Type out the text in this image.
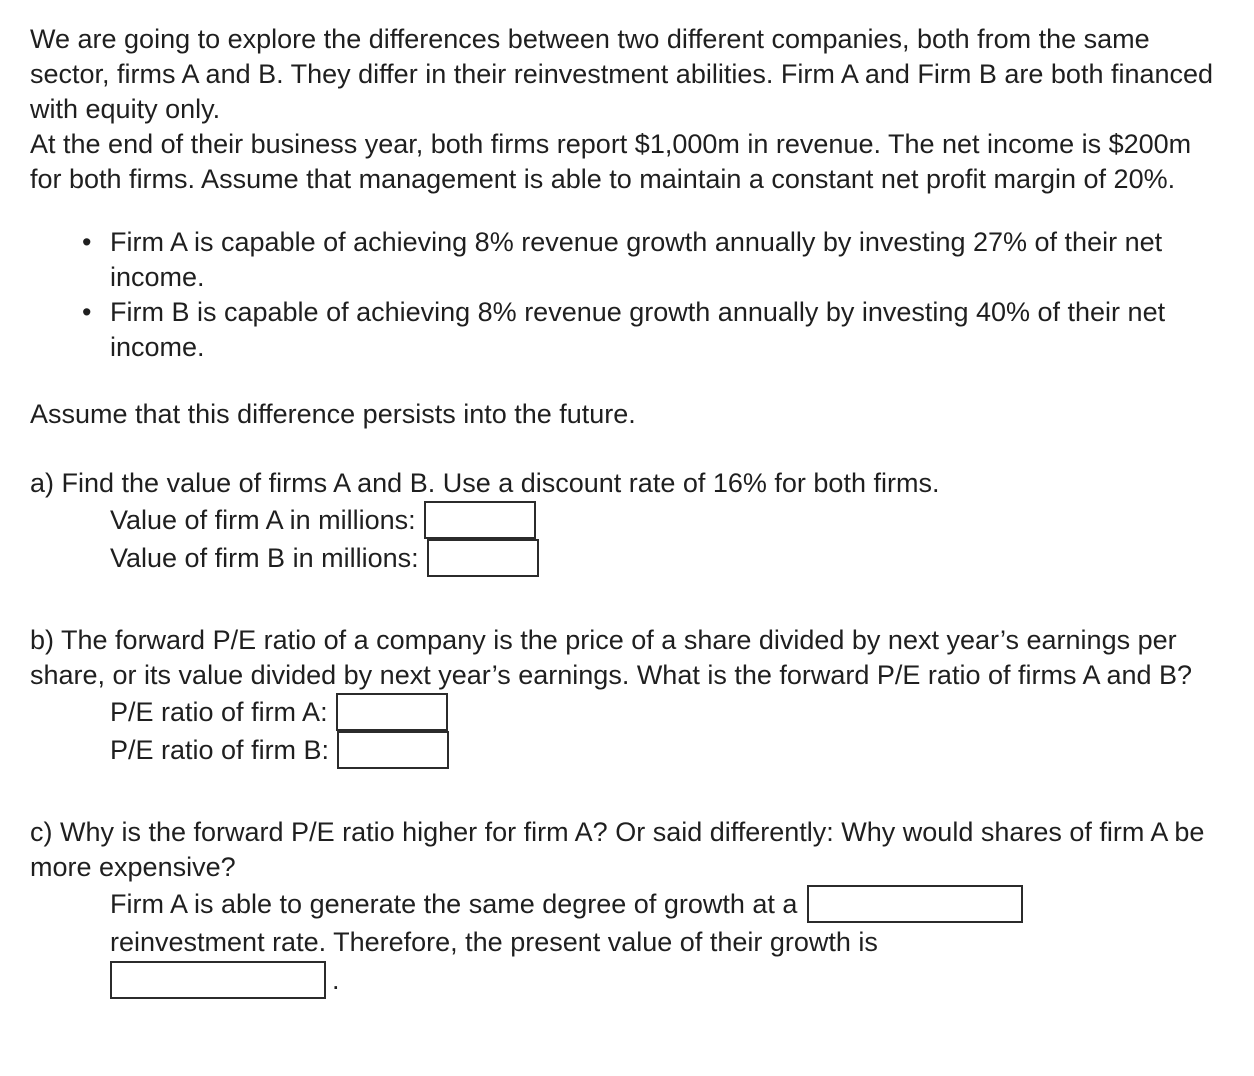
We are going to explore the differences between two different companies, both from the same sector, firms A and B. They differ in their reinvestment abilities. Firm A and Firm B are both financed with equity only.

At the end of their business year, both firms report $1,000m in revenue. The net income is $200m for both firms. Assume that management is able to maintain a constant net profit margin of 20%.

• Firm A is capable of achieving 8% revenue growth annually by investing 27% of their net income.
• Firm B is capable of achieving 8% revenue growth annually by investing 40% of their net income.

Assume that this difference persists into the future.

a) Find the value of firms A and B. Use a discount rate of 16% for both firms.

Value of firm A in millions:
Value of firm B in millions:

b) The forward P/E ratio of a company is the price of a share divided by next year’s earnings per share, or its value divided by next year’s earnings. What is the forward P/E ratio of firms A and B?

P/E ratio of firm A:
P/E ratio of firm B:

c) Why is the forward P/E ratio higher for firm A? Or said differently: Why would shares of firm A be more expensive?

Firm A is able to generate the same degree of growth at a
reinvestment rate. Therefore, the present value of their growth is
.
